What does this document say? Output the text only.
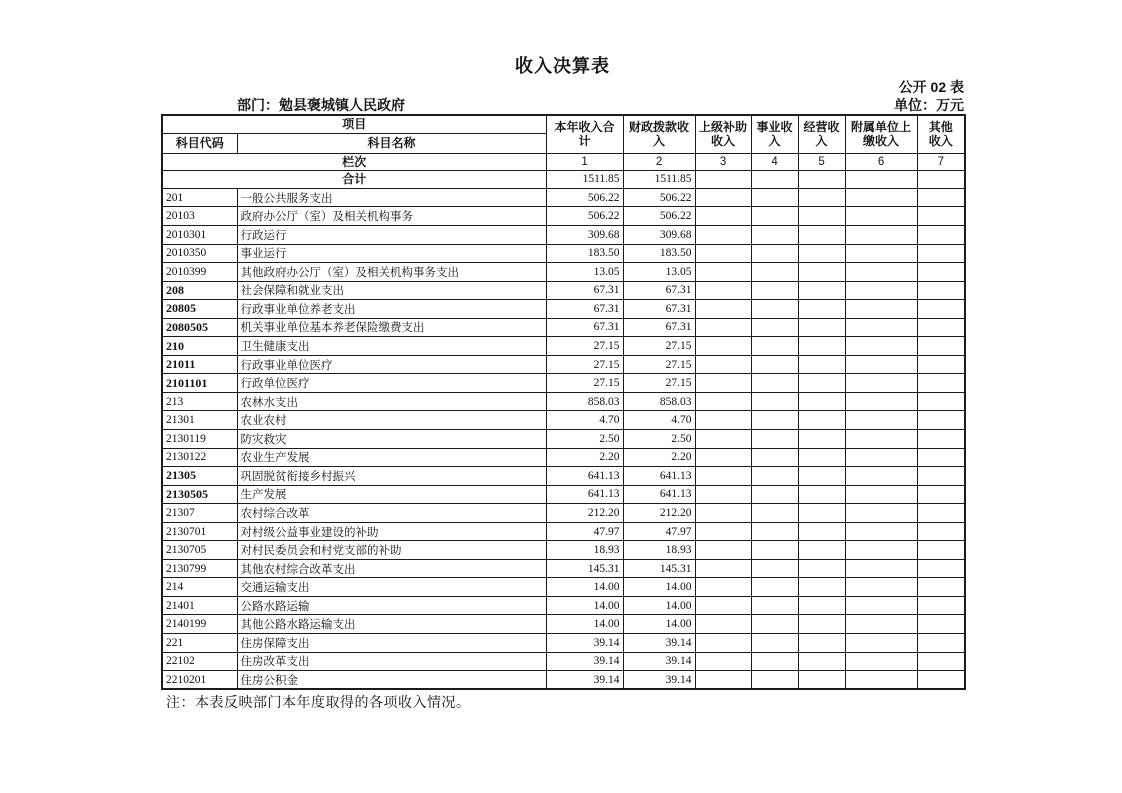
收入决算表
公开 02 表
部门：勉县褒城镇人民政府	单位：万元
项目		本年收入合计	财政拨款收入	上级补助收入	事业收入	经营收入	附属单位上缴收入	其他收入
科目代码	科目名称							
栏次		1	2	3	4	5	6	7
合计		1511.85	1511.85					
201	一般公共服务支出	506.22	506.22					
20103	政府办公厅（室）及相关机构事务	506.22	506.22					
2010301	行政运行	309.68	309.68					
2010350	事业运行	183.50	183.50					
2010399	其他政府办公厅（室）及相关机构事务支出	13.05	13.05					
208	社会保障和就业支出	67.31	67.31					
20805	行政事业单位养老支出	67.31	67.31					
2080505	机关事业单位基本养老保险缴费支出	67.31	67.31					
210	卫生健康支出	27.15	27.15					
21011	行政事业单位医疗	27.15	27.15					
2101101	行政单位医疗	27.15	27.15					
213	农林水支出	858.03	858.03					
21301	农业农村	4.70	4.70					
2130119	防灾救灾	2.50	2.50					
2130122	农业生产发展	2.20	2.20					
21305	巩固脱贫衔接乡村振兴	641.13	641.13					
2130505	生产发展	641.13	641.13					
21307	农村综合改革	212.20	212.20					
2130701	对村级公益事业建设的补助	47.97	47.97					
2130705	对村民委员会和村党支部的补助	18.93	18.93					
2130799	其他农村综合改革支出	145.31	145.31					
214	交通运输支出	14.00	14.00					
21401	公路水路运输	14.00	14.00					
2140199	其他公路水路运输支出	14.00	14.00					
221	住房保障支出	39.14	39.14					
22102	住房改革支出	39.14	39.14					
2210201	住房公积金	39.14	39.14					
注：本表反映部门本年度取得的各项收入情况。
